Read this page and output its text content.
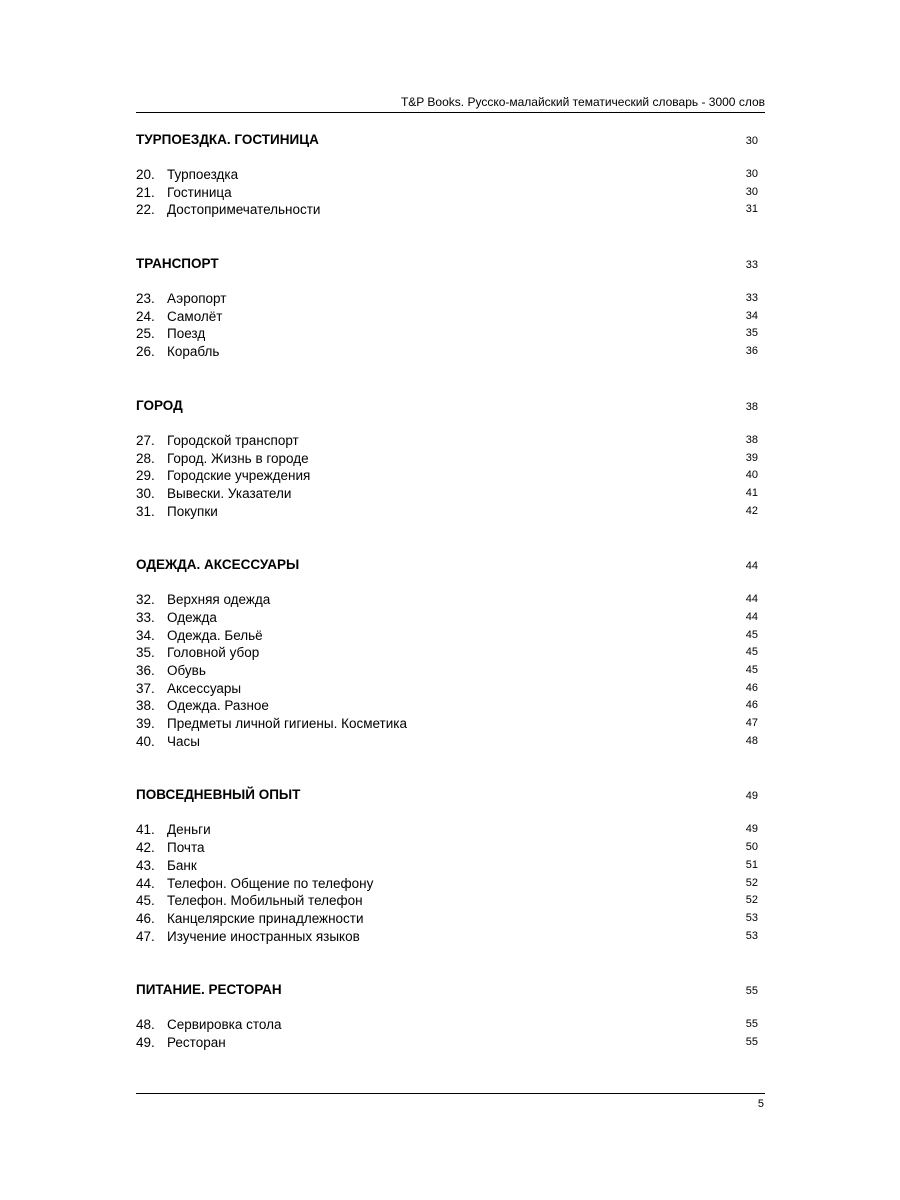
T&P Books. Русско-малайский тематический словарь - 3000 слов
ТУРПОЕЗДКА. ГОСТИНИЦА	30
20. Турпоездка	30
21. Гостиница	30
22. Достопримечательности	31
ТРАНСПОРТ	33
23. Аэропорт	33
24. Самолёт	34
25. Поезд	35
26. Корабль	36
ГОРОД	38
27. Городской транспорт	38
28. Город. Жизнь в городе	39
29. Городские учреждения	40
30. Вывески. Указатели	41
31. Покупки	42
ОДЕЖДА. АКСЕССУАРЫ	44
32. Верхняя одежда	44
33. Одежда	44
34. Одежда. Бельё	45
35. Головной убор	45
36. Обувь	45
37. Аксессуары	46
38. Одежда. Разное	46
39. Предметы личной гигиены. Косметика	47
40. Часы	48
ПОВСЕДНЕВНЫЙ ОПЫТ	49
41. Деньги	49
42. Почта	50
43. Банк	51
44. Телефон. Общение по телефону	52
45. Телефон. Мобильный телефон	52
46. Канцелярские принадлежности	53
47. Изучение иностранных языков	53
ПИТАНИЕ. РЕСТОРАН	55
48. Сервировка стола	55
49. Ресторан	55
5
